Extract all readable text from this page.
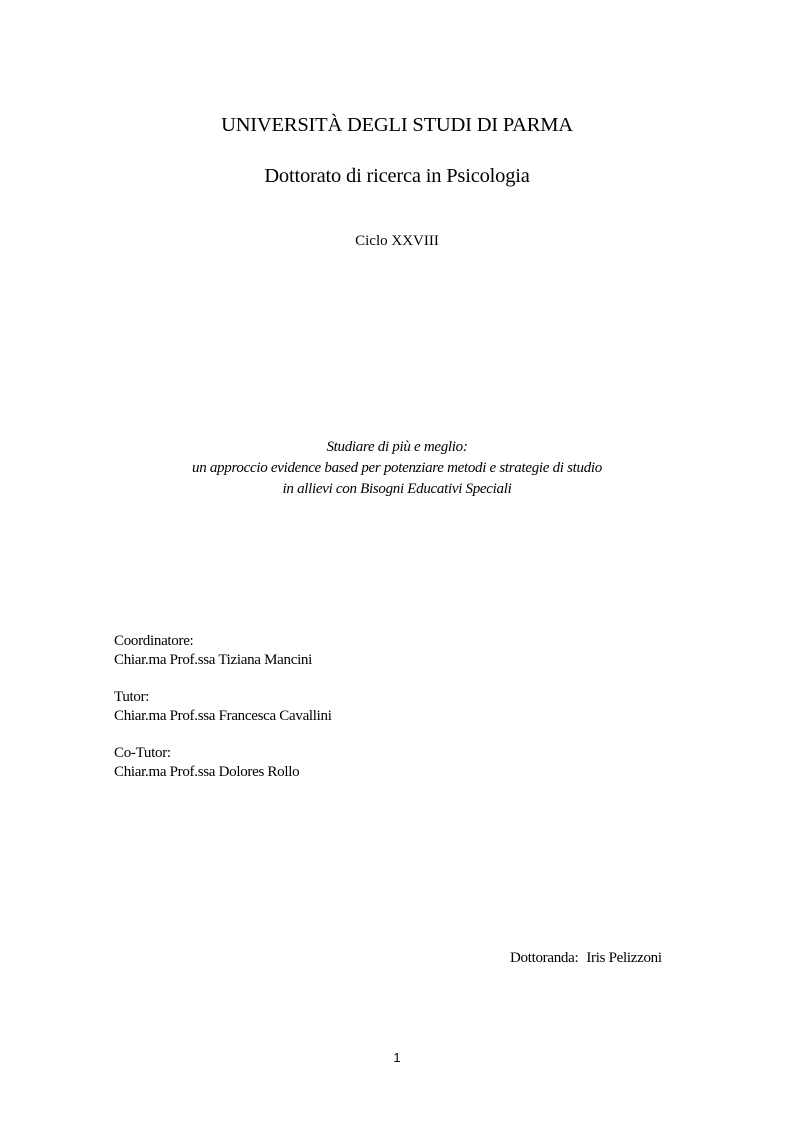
UNIVERSITÀ DEGLI STUDI DI PARMA
Dottorato di ricerca in Psicologia
Ciclo XXVIII
Studiare di più e meglio:
un approccio evidence based per potenziare metodi e strategie di studio
in allievi con Bisogni Educativi Speciali
Coordinatore:
Chiar.ma Prof.ssa Tiziana Mancini
Tutor:
Chiar.ma Prof.ssa Francesca Cavallini
Co-Tutor:
Chiar.ma Prof.ssa Dolores Rollo
Dottoranda: Iris Pelizzoni
1
